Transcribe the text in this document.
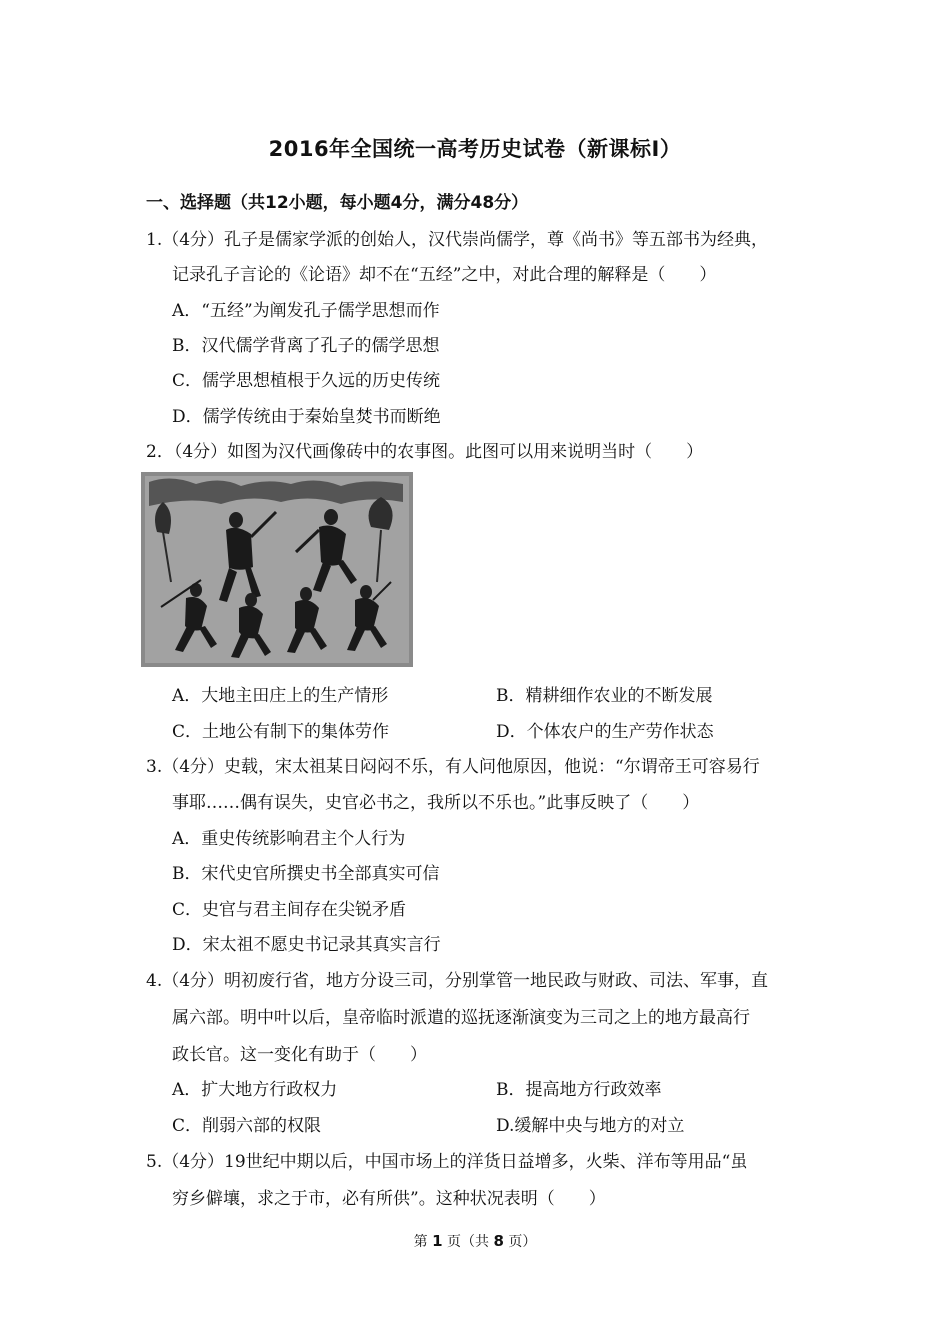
2016年全国统一高考历史试卷（新课标Ⅰ）
一、选择题（共12小题，每小题4分，满分48分）
1.（4分）孔子是儒家学派的创始人，汉代崇尚儒学，尊《尚书》等五部书为经典，
记录孔子言论的《论语》却不在“五经”之中，对此合理的解释是（　　）
A．“五经”为阐发孔子儒学思想而作
B．汉代儒学背离了孔子的儒学思想
C．儒学思想植根于久远的历史传统
D．儒学传统由于秦始皇焚书而断绝
2．（4分）如图为汉代画像砖中的农事图。此图可以用来说明当时（　　）
A．大地主田庄上的生产情形	B．精耕细作农业的不断发展
C．土地公有制下的集体劳作	D．个体农户的生产劳作状态
3.（4分）史载，宋太祖某日闷闷不乐，有人问他原因，他说：“尔谓帝王可容易行
事耶……偶有误失，史官必书之，我所以不乐也。”此事反映了（　　）
A．重史传统影响君主个人行为
B．宋代史官所撰史书全部真实可信
C．史官与君主间存在尖锐矛盾
D．宋太祖不愿史书记录其真实言行
4.（4分）明初废行省，地方分设三司，分别掌管一地民政与财政、司法、军事，直
属六部。明中叶以后，皇帝临时派遣的巡抚逐渐演变为三司之上的地方最高行
政长官。这一变化有助于（　　）
A．扩大地方行政权力	B．提高地方行政效率
C．削弱六部的权限	D.缓解中央与地方的对立
5.（4分）19世纪中期以后，中国市场上的洋货日益增多，火柴、洋布等用品“虽
穷乡僻壤，求之于市，必有所供”。这种状况表明（　　）
第 1 页（共 8 页）
